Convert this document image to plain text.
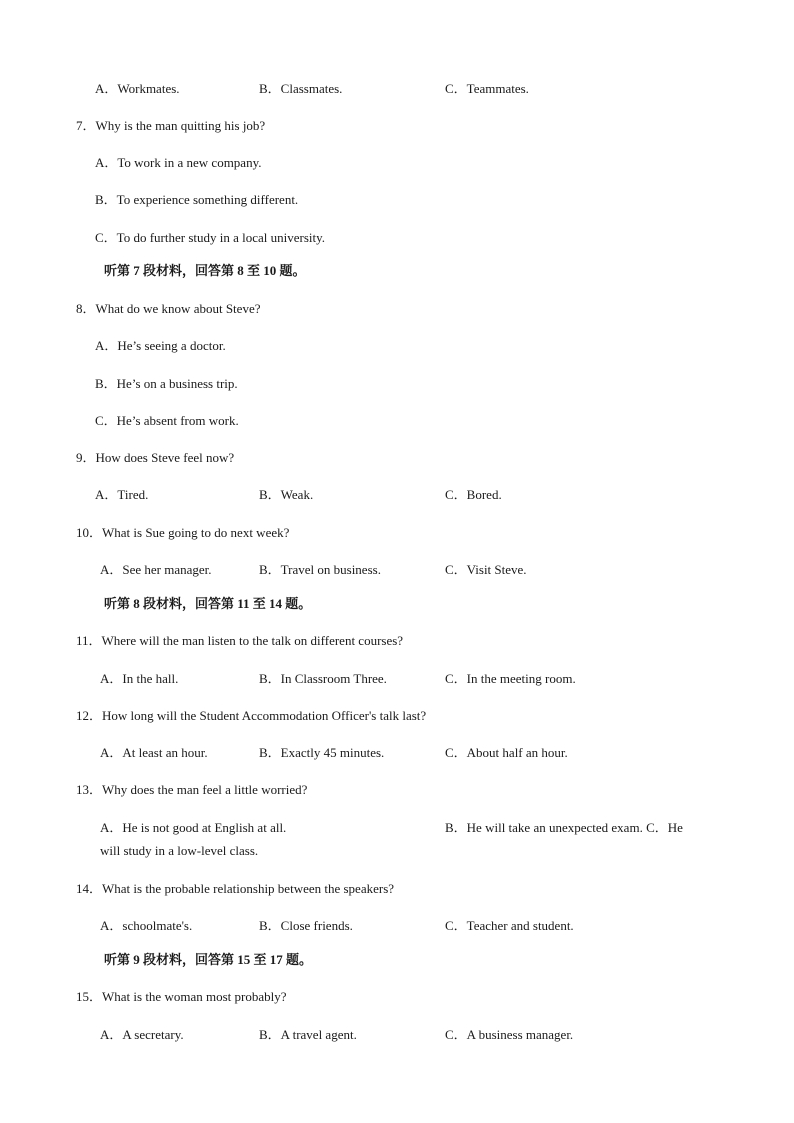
A．Workmates.	B．Classmates.	C．Teammates.
7．Why is the man quitting his job?
A．To work in a new company.
B．To experience something different.
C．To do further study in a local university.
听第 7 段材料，回答第 8 至 10 题。
8．What do we know about Steve?
A．He’s seeing a doctor.
B．He’s on a business trip.
C．He’s absent from work.
9．How does Steve feel now?
A．Tired.	B．Weak.	C．Bored.
10．What is Sue going to do next week?
A．See her manager.	B．Travel on business.	C．Visit Steve.
听第 8 段材料，回答第 11 至 14 题。
11．Where will the man listen to the talk on different courses?
A．In the hall.	B．In Classroom Three.	C．In the meeting room.
12．How long will the Student Accommodation Officer's talk last?
A．At least an hour.	B．Exactly 45 minutes.	C．About half an hour.
13．Why does the man feel a little worried?
A．He is not good at English at all.	B．He will take an unexpected exam. C．He
will study in a low-level class.
14．What is the probable relationship between the speakers?
A．schoolmate's.	B．Close friends.	C．Teacher and student.
听第 9 段材料，回答第 15 至 17 题。
15．What is the woman most probably?
A．A secretary.	B．A travel agent.	C．A business manager.
